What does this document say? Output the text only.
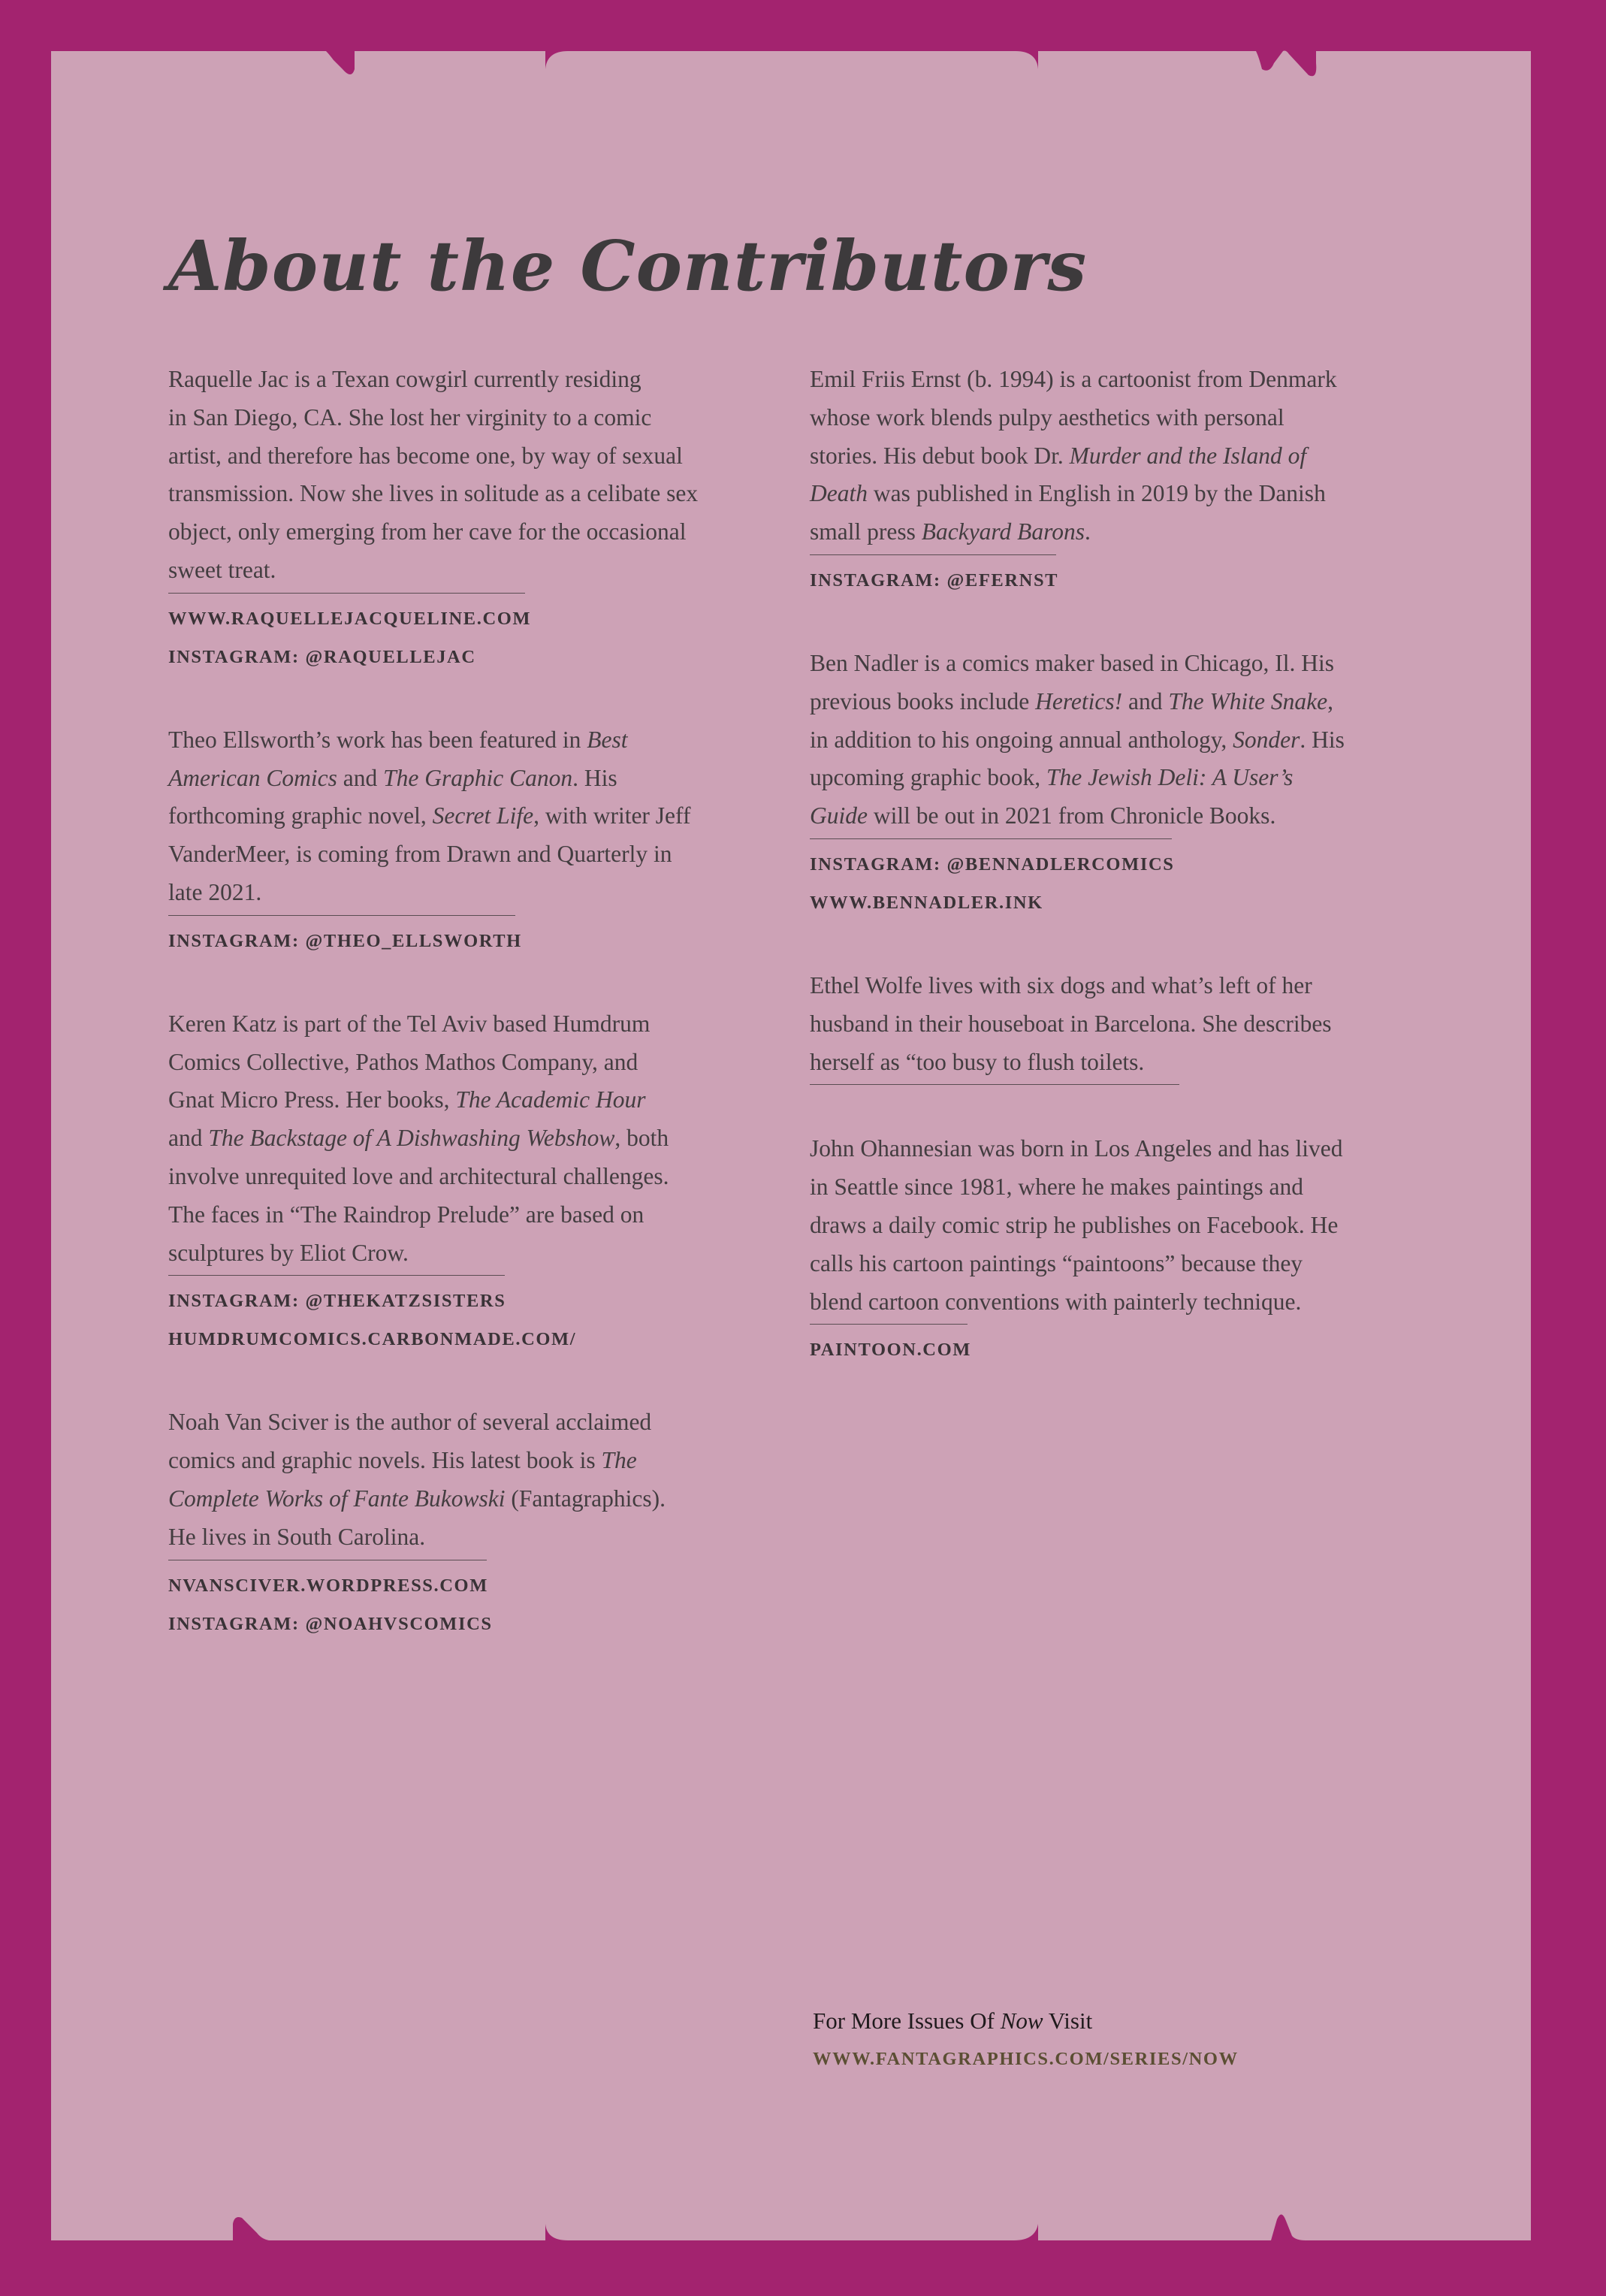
About the Contributors

Raquelle Jac is a Texan cowgirl currently residing
in San Diego, CA. She lost her virginity to a comic
artist, and therefore has become one, by way of sexual
transmission. Now she lives in solitude as a celibate sex
object, only emerging from her cave for the occasional
sweet treat.

WWW.RAQUELLEJACQUELINE.COM
INSTAGRAM: @RAQUELLEJAC

Theo Ellsworth’s work has been featured in Best
American Comics and The Graphic Canon. His
forthcoming graphic novel, Secret Life, with writer Jeff
VanderMeer, is coming from Drawn and Quarterly in
late 2021.

INSTAGRAM: @THEO_ELLSWORTH

Keren Katz is part of the Tel Aviv based Humdrum
Comics Collective, Pathos Mathos Company, and
Gnat Micro Press. Her books, The Academic Hour
and The Backstage of A Dishwashing Webshow, both
involve unrequited love and architectural challenges.
The faces in “The Raindrop Prelude” are based on
sculptures by Eliot Crow.

INSTAGRAM: @THEKATZSISTERS
HUMDRUMCOMICS.CARBONMADE.COM/

Noah Van Sciver is the author of several acclaimed
comics and graphic novels. His latest book is The
Complete Works of Fante Bukowski (Fantagraphics).
He lives in South Carolina.

NVANSCIVER.WORDPRESS.COM
INSTAGRAM: @NOAHVSCOMICS

Emil Friis Ernst (b. 1994) is a cartoonist from Denmark
whose work blends pulpy aesthetics with personal
stories. His debut book Dr. Murder and the Island of
Death was published in English in 2019 by the Danish
small press Backyard Barons.

INSTAGRAM: @EFERNST

Ben Nadler is a comics maker based in Chicago, Il. His
previous books include Heretics! and The White Snake,
in addition to his ongoing annual anthology, Sonder. His
upcoming graphic book, The Jewish Deli: A User’s
Guide will be out in 2021 from Chronicle Books.

INSTAGRAM: @BENNADLERCOMICS
WWW.BENNADLER.INK

Ethel Wolfe lives with six dogs and what’s left of her
husband in their houseboat in Barcelona. She describes
herself as “too busy to flush toilets.

John Ohannesian was born in Los Angeles and has lived
in Seattle since 1981, where he makes paintings and
draws a daily comic strip he publishes on Facebook. He
calls his cartoon paintings “paintoons” because they
blend cartoon conventions with painterly technique.

PAINTOON.COM
For More Issues Of Now Visit
WWW.FANTAGRAPHICS.COM/SERIES/NOW
